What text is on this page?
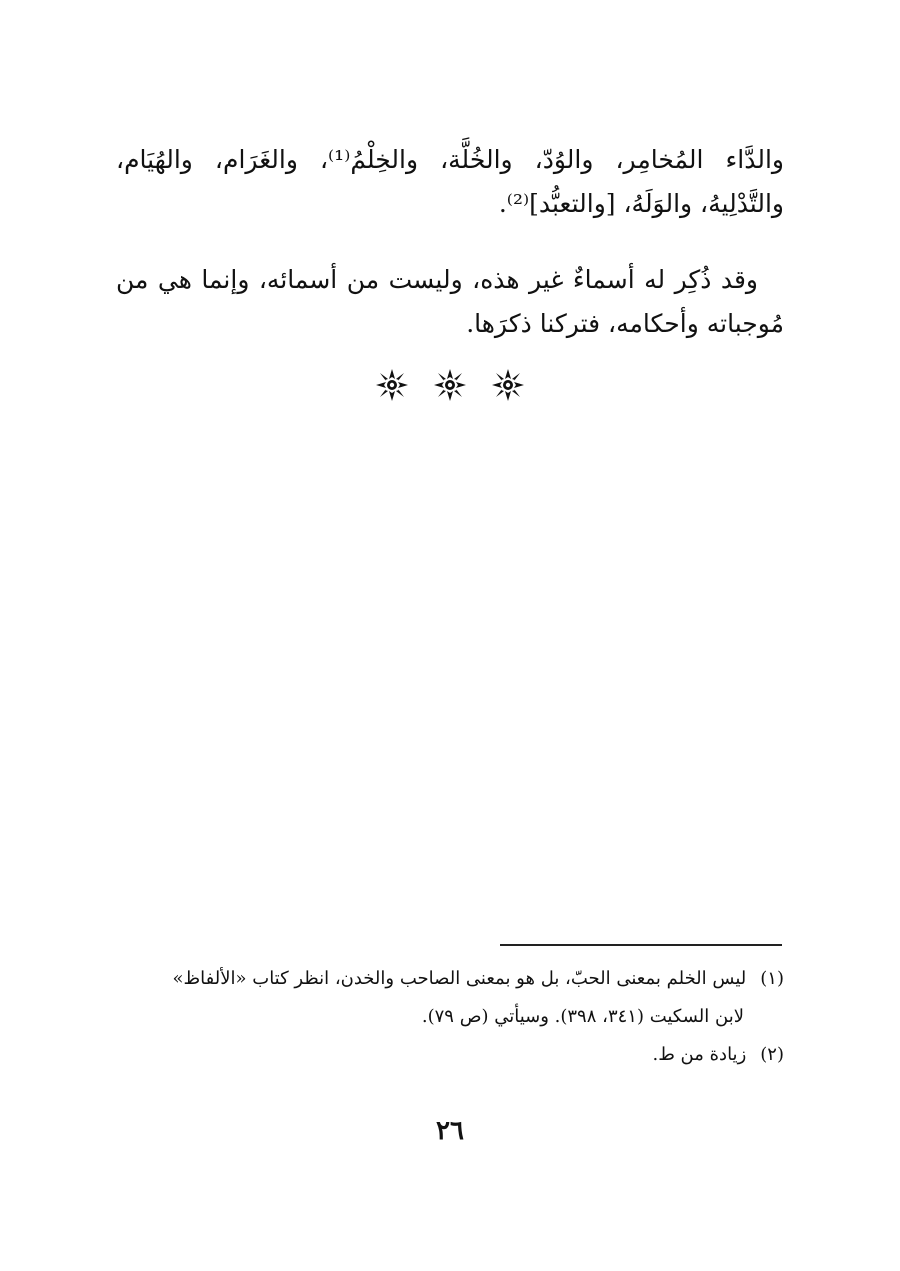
والدَّاء المُخامِر، والوُدّ، والخُلَّة، والخِلْمُ⁽¹⁾، والغَرَام، والهُيَام، والتَّدْلِيهُ، والوَلَهُ، [والتعبُّد]⁽²⁾.

وقد ذُكِر له أسماءٌ غير هذه، وليست من أسمائه، وإنما هي من مُوجباته وأحكامه، فتركنا ذكرَها.

(١)ليس الخلم بمعنى الحبّ، بل هو بمعنى الصاحب والخدن، انظر كتاب «الألفاظ»
لابن السكيت (٣٤١، ٣٩٨). وسيأتي (ص ٧٩).
(٢)زيادة من ط.
٢٦
